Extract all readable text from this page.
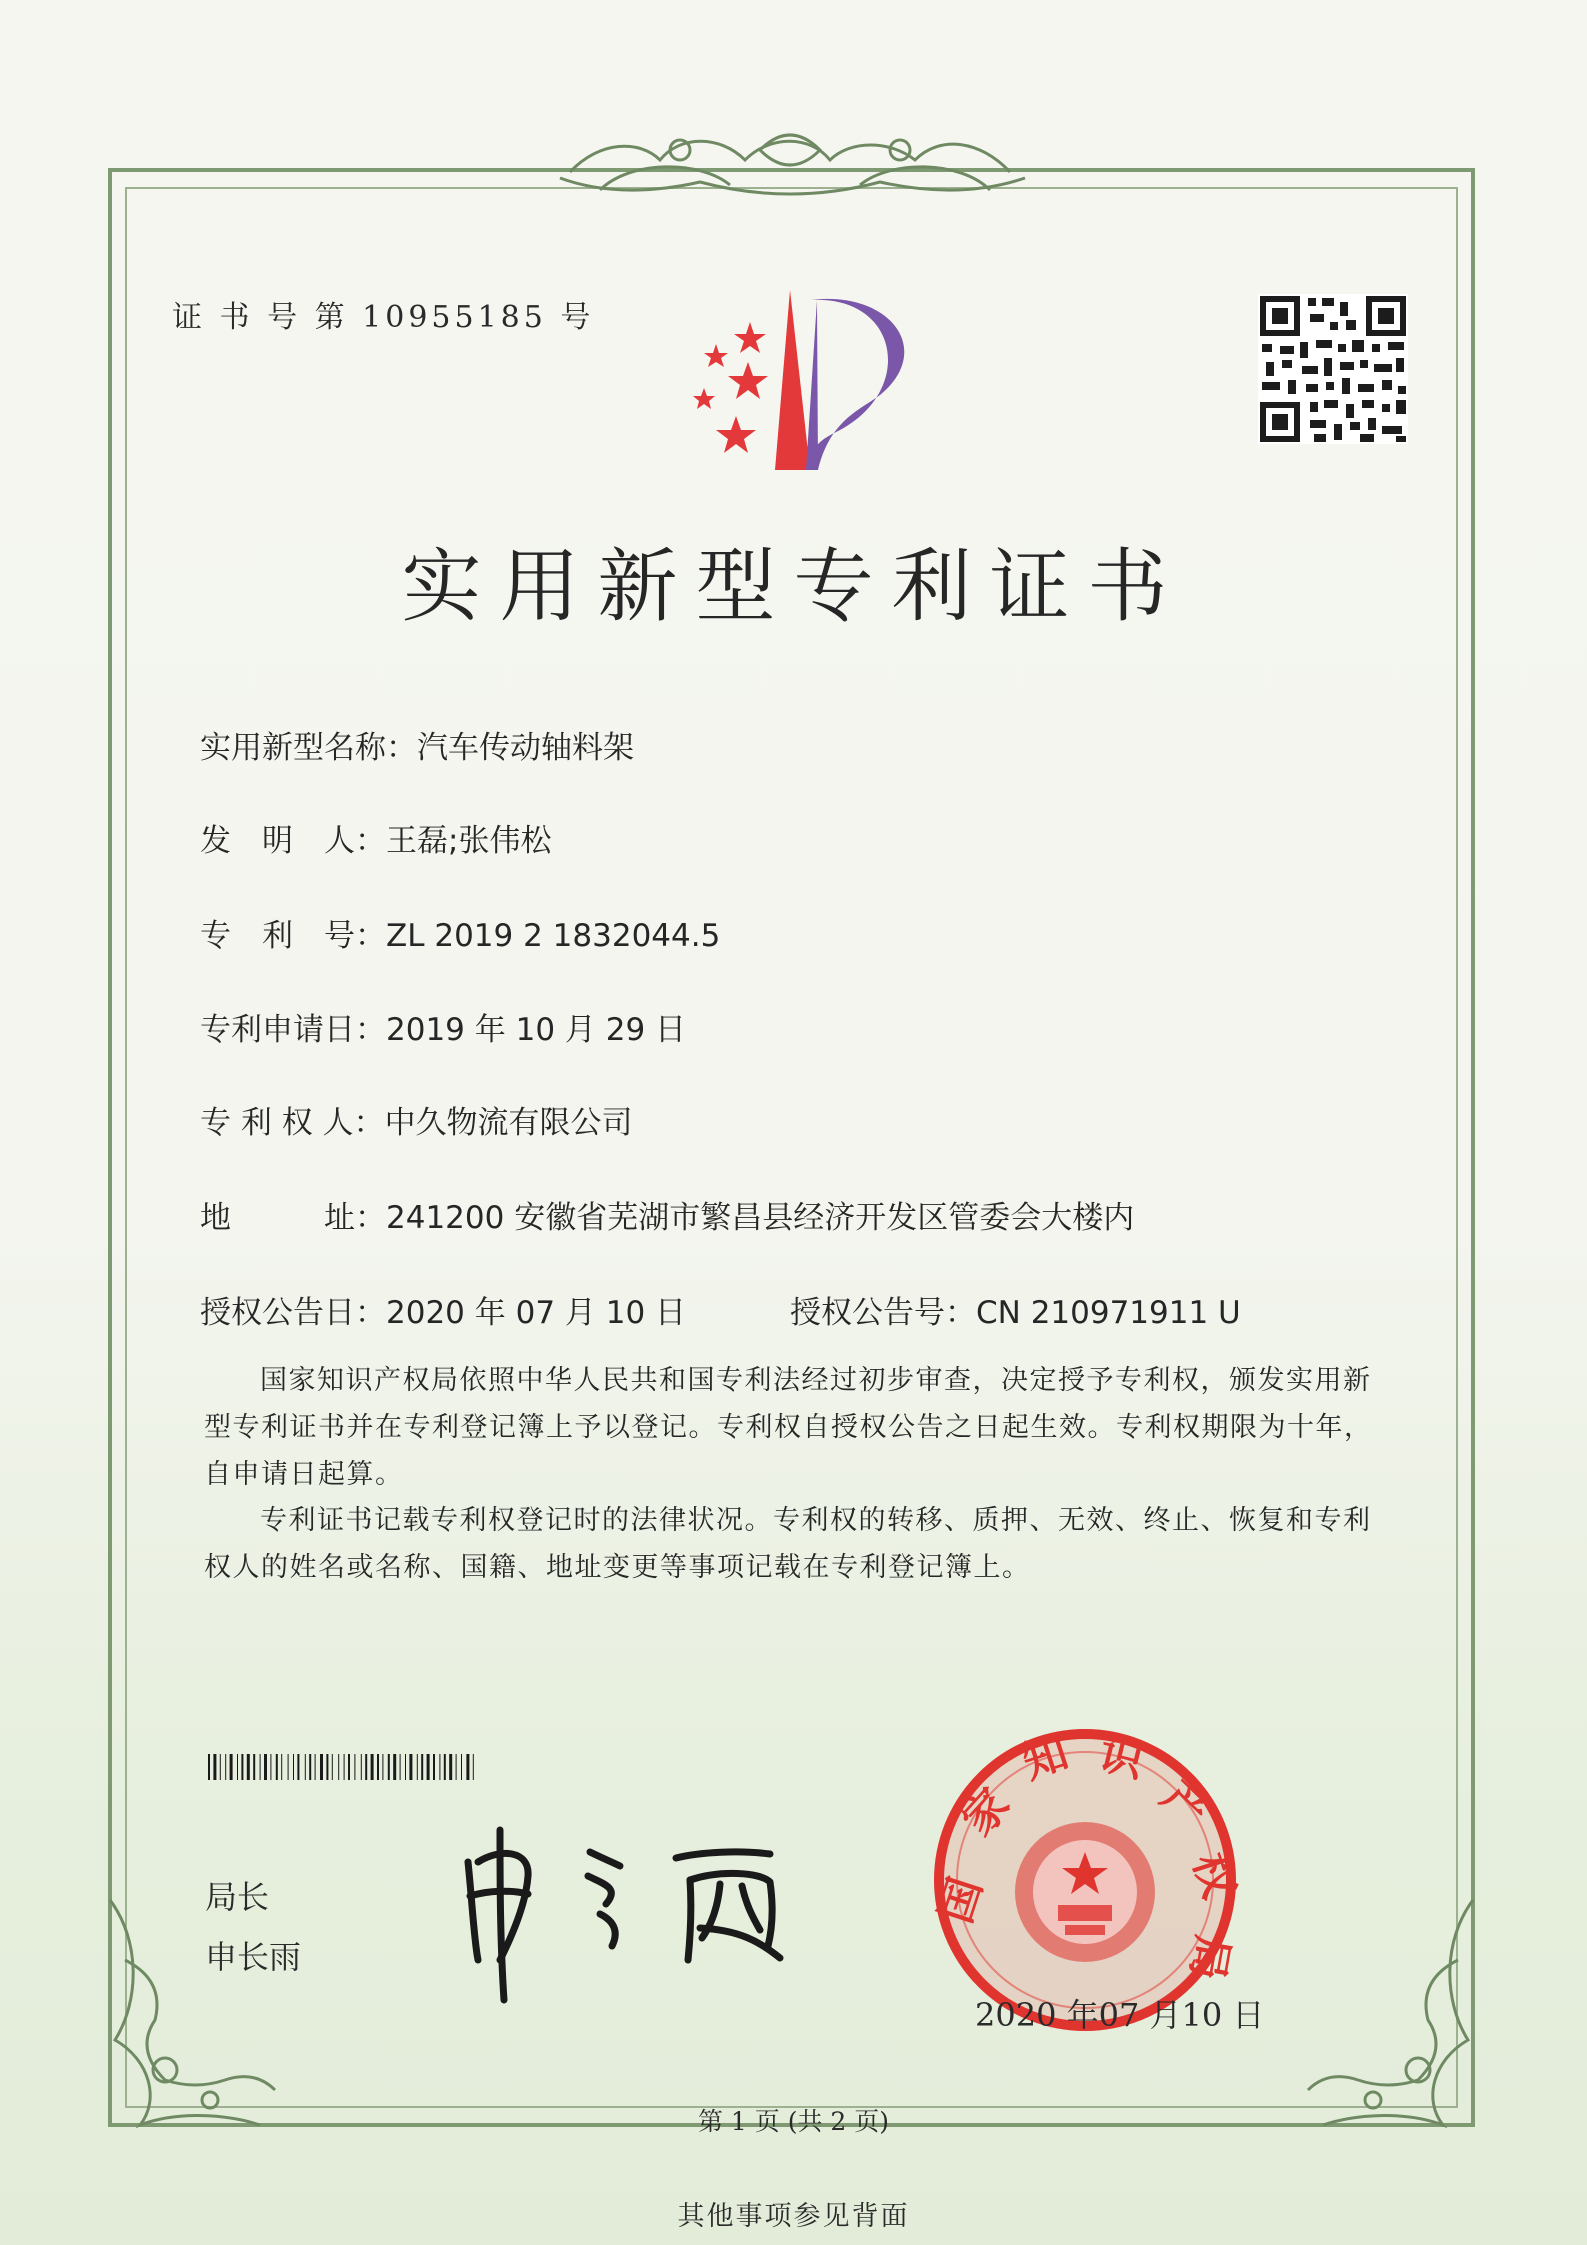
国
家
知 识
产
权
局
证 书 号 第 10955185 号
实用新型专利证书
实用新型名称：汽车传动轴料架
发　明　人：王磊;张伟松
专　利　号：ZL 2019 2 1832044.5
专利申请日：2019 年 10 月 29 日
专 利 权 人：中久物流有限公司
地　　　址：241200 安徽省芜湖市繁昌县经济开发区管委会大楼内
授权公告日：2020 年 07 月 10 日	授权公告号：CN 210971911 U
国家知识产权局依照中华人民共和国专利法经过初步审查，决定授予专利权，颁发实用新型专利证书并在专利登记簿上予以登记。专利权自授权公告之日起生效。专利权期限为十年，自申请日起算。
专利证书记载专利权登记时的法律状况。专利权的转移、质押、无效、终止、恢复和专利权人的姓名或名称、国籍、地址变更等事项记载在专利登记簿上。
局长
申长雨
2020 年07 月10 日
第 1 页 (共 2 页)
其他事项参见背面
